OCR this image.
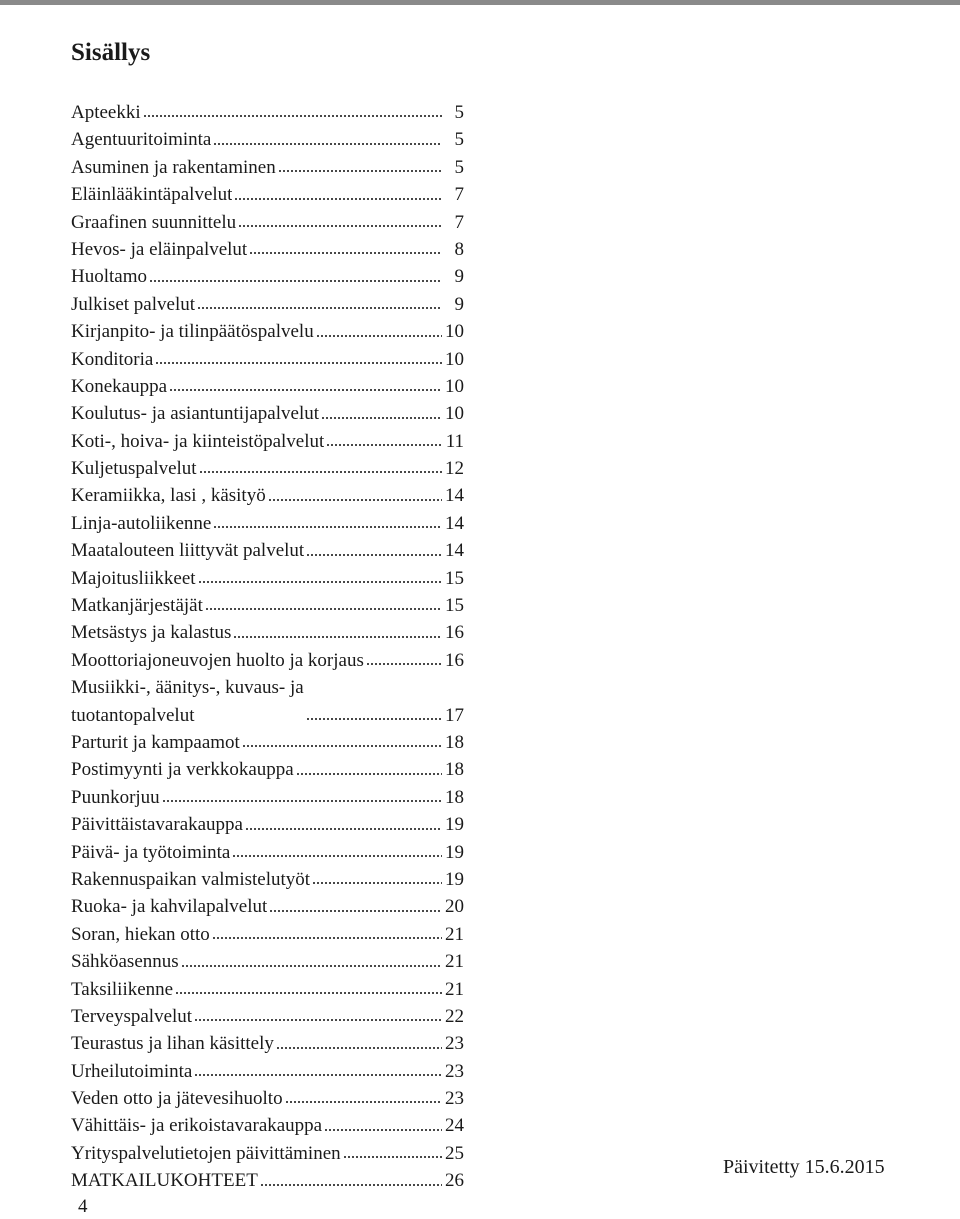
Sisällys
Apteekki	5
Agentuuritoiminta	5
Asuminen ja rakentaminen	5
Eläinlääkintäpalvelut	7
Graafinen suunnittelu	7
Hevos- ja eläinpalvelut	8
Huoltamo	9
Julkiset palvelut	9
Kirjanpito- ja tilinpäätöspalvelu	10
Konditoria	10
Konekauppa	10
Koulutus- ja asiantuntijapalvelut	10
Koti-, hoiva- ja kiinteistöpalvelut	11
Kuljetuspalvelut	12
Keramiikka, lasi , käsityö	14
Linja-autoliikenne	14
Maatalouteen liittyvät palvelut	14
Majoitusliikkeet	15
Matkanjärjestäjät	15
Metsästys ja kalastus	16
Moottoriajoneuvojen huolto ja korjaus	16
Musiikki-, äänitys-, kuvaus- ja
tuotantopalvelut	17
Parturit ja kampaamot	18
Postimyynti ja verkkokauppa	18
Puunkorjuu	18
Päivittäistavarakauppa	19
Päivä- ja työtoiminta	19
Rakennuspaikan valmistelutyöt	19
Ruoka- ja kahvilapalvelut	20
Soran, hiekan otto	21
Sähköasennus	21
Taksiliikenne	21
Terveyspalvelut	22
Teurastus ja lihan käsittely	23
Urheilutoiminta	23
Veden otto ja jätevesihuolto	23
Vähittäis- ja erikoistavarakauppa	24
Yrityspalvelutietojen päivittäminen	25
MATKAILUKOHTEET	26
Päivitetty 15.6.2015
4
